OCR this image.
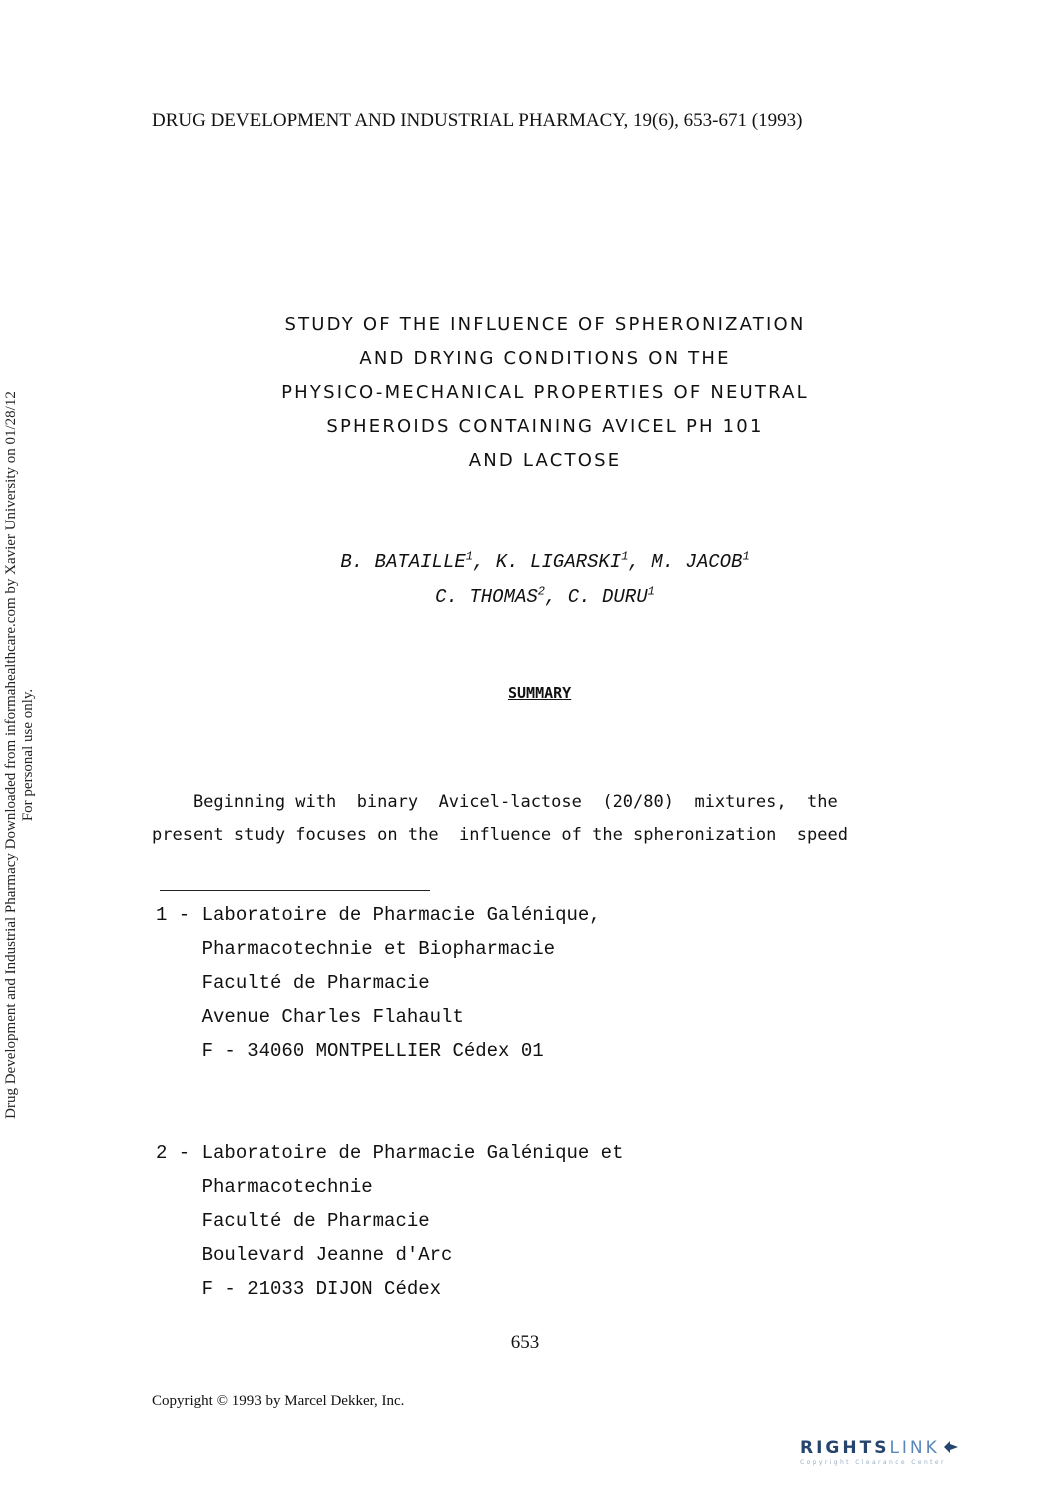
DRUG DEVELOPMENT AND INDUSTRIAL PHARMACY, 19(6), 653-671 (1993)
Drug Development and Industrial Pharmacy Downloaded from informahealthcare.com by Xavier University on 01/28/12 For personal use only.
STUDY OF THE INFLUENCE OF SPHERONIZATION
AND DRYING CONDITIONS ON THE
PHYSICO-MECHANICAL PROPERTIES OF NEUTRAL
SPHEROIDS CONTAINING AVICEL PH 101
AND LACTOSE
B. BATAILLE$^1$, K. LIGARSKI$^1$, M. JACOB$^1$
C. THOMAS$^2$, C. DURU$^1$
SUMMARY
Beginning with  binary  Avicel-lactose  (20/80)  mixtures,  the
present study focuses on the  influence of the spheronization  speed
1 - Laboratoire de Pharmacie Galénique,
Pharmacotechnie et Biopharmacie
Faculté de Pharmacie
Avenue Charles Flahault
F - 34060 MONTPELLIER Cédex 01
2 - Laboratoire de Pharmacie Galénique et
Pharmacotechnie
Faculté de Pharmacie
Boulevard Jeanne d'Arc
F - 21033 DIJON Cédex
653
Copyright © 1993 by Marcel Dekker, Inc.
RIGHTSLINK
Copyright Clearance Center
